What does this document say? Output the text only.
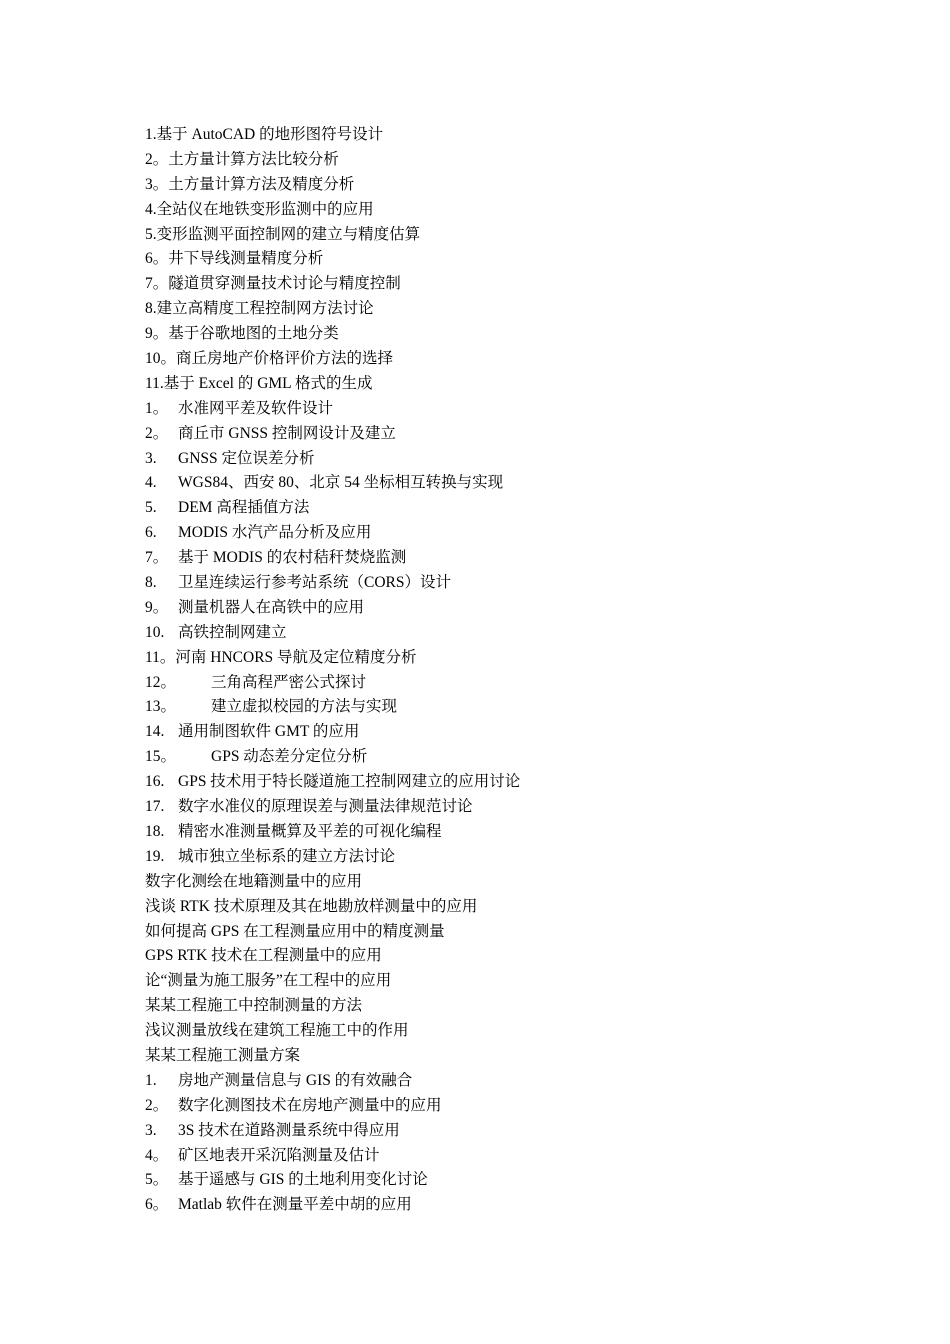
1.基于 AutoCAD 的地形图符号设计
2。土方量计算方法比较分析
3。土方量计算方法及精度分析
4.全站仪在地铁变形监测中的应用
5.变形监测平面控制网的建立与精度估算
6。井下导线测量精度分析
7。隧道贯穿测量技术讨论与精度控制
8.建立高精度工程控制网方法讨论
9。基于谷歌地图的土地分类
10。商丘房地产价格评价方法的选择
11.基于 Excel 的 GML 格式的生成
1。 水准网平差及软件设计
2。 商丘市 GNSS 控制网设计及建立
3. GNSS 定位误差分析
4. WGS84、西安 80、北京 54 坐标相互转换与实现
5. DEM 高程插值方法
6. MODIS 水汽产品分析及应用
7。 基于 MODIS 的农村秸秆焚烧监测
8. 卫星连续运行参考站系统（CORS）设计
9。 测量机器人在高铁中的应用
10. 高铁控制网建立
11。河南 HNCORS 导航及定位精度分析
12。 三角高程严密公式探讨
13。 建立虚拟校园的方法与实现
14. 通用制图软件 GMT 的应用
15。 GPS 动态差分定位分析
16. GPS 技术用于特长隧道施工控制网建立的应用讨论
17. 数字水准仪的原理误差与测量法律规范讨论
18. 精密水准测量概算及平差的可视化编程
19. 城市独立坐标系的建立方法讨论
数字化测绘在地籍测量中的应用
浅谈 RTK 技术原理及其在地勘放样测量中的应用
如何提高 GPS 在工程测量应用中的精度测量
GPS RTK 技术在工程测量中的应用
论“测量为施工服务”在工程中的应用
某某工程施工中控制测量的方法
浅议测量放线在建筑工程施工中的作用
某某工程施工测量方案
1. 房地产测量信息与 GIS 的有效融合
2。 数字化测图技术在房地产测量中的应用
3. 3S 技术在道路测量系统中得应用
4。 矿区地表开采沉陷测量及估计
5。 基于遥感与 GIS 的土地利用变化讨论
6。 Matlab 软件在测量平差中胡的应用
